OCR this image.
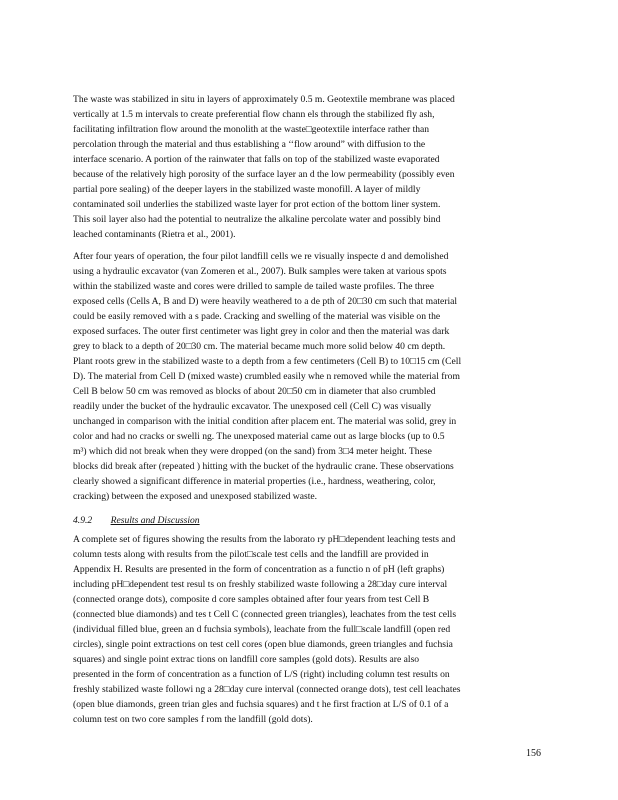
The waste was stabilized in situ in layers of approximately 0.5 m. Geotextile membrane was placed
vertically at 1.5 m intervals to create preferential flow chann els through the stabilized fly ash,
facilitating infiltration flow around the monolith at the waste□geotextile interface rather than
percolation through the material and thus establishing a ‘‘flow around” with diffusion to the
interface scenario. A portion of the rainwater that falls on top of the stabilized waste evaporated
because of the relatively high porosity of the surface layer an d the low permeability (possibly even
partial pore sealing) of the deeper layers in the stabilized waste monofill. A layer of mildly
contaminated soil underlies the stabilized waste layer for prot ection of the bottom liner system.
This soil layer also had the potential to neutralize the alkaline percolate water and possibly bind
leached contaminants (Rietra et al., 2001).
After four years of operation, the four pilot landfill cells we re visually inspecte d and demolished
using a hydraulic excavator (van Zomeren et al., 2007). Bulk samples were taken at various spots
within the stabilized waste and cores were drilled to sample de tailed waste profiles. The three
exposed cells (Cells A, B and D) were heavily weathered to a de pth of 20□30 cm such that material
could be easily removed with a s pade. Cracking and swelling of the material was visible on the
exposed surfaces. The outer first centimeter was light grey in color and then the material was dark
grey to black to a depth of 20□30 cm. The material became much more solid below 40 cm depth.
Plant roots grew in the stabilized waste to a depth from a few centimeters (Cell B) to 10□15 cm (Cell
D). The material from Cell D (mixed waste) crumbled easily whe n removed while the material from
Cell B below 50 cm was removed as blocks of about 20□50 cm in diameter that also crumbled
readily under the bucket of the hydraulic excavator. The unexposed cell (Cell C) was visually
unchanged in comparison with the initial condition after placem ent. The material was solid, grey in
color and had no cracks or swelli ng. The unexposed material came out as large blocks (up to 0.5
m³) which did not break when they were dropped (on the sand) from 3□4 meter height. These
blocks did break after (repeated ) hitting with the bucket of the hydraulic crane. These observations
clearly showed a significant difference in material properties (i.e., hardness, weathering, color,
cracking) between the exposed and unexposed stabilized waste.
4.9.2 Results and Discussion
A complete set of figures showing the results from the laborato ry pH□dependent leaching tests and
column tests along with results from the pilot□scale test cells and the landfill are provided in
Appendix H. Results are presented in the form of concentration as a functio n of pH (left graphs)
including pH□dependent test resul ts on freshly stabilized waste following a 28□day cure interval
(connected orange dots), composite d core samples obtained after four years from test Cell B
(connected blue diamonds) and tes t Cell C (connected green triangles), leachates from the test cells
(individual filled blue, green an d fuchsia symbols), leachate from the full□scale landfill (open red
circles), single point extractions on test cell cores (open blue diamonds, green triangles and fuchsia
squares) and single point extrac tions on landfill core samples (gold dots). Results are also
presented in the form of concentration as a function of L/S (right) including column test results on
freshly stabilized waste followi ng a 28□day cure interval (connected orange dots), test cell leachates
(open blue diamonds, green trian gles and fuchsia squares) and t he first fraction at L/S of 0.1 of a
column test on two core samples f rom the landfill (gold dots).
156
